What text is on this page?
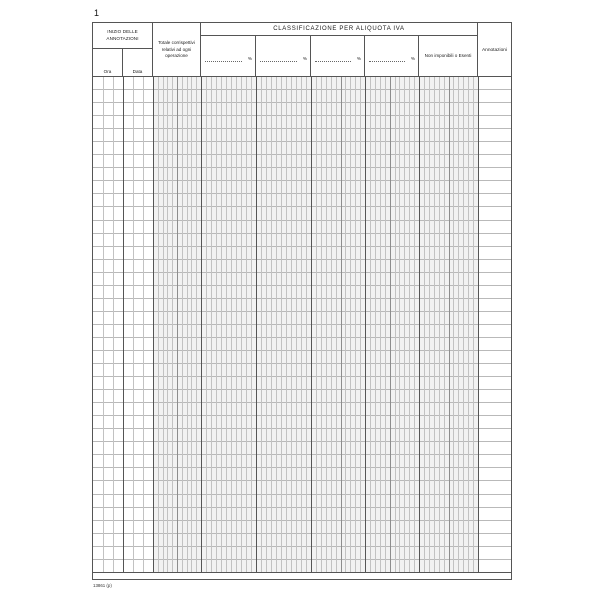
1
INIZIO DELLE ANNOTAZIONI
Ora	Data
Totale corrispettivi relativi ad ogni operazione
CLASSIFICAZIONE PER ALIQUOTA IVA
%	%	%	%
Non imponibili o Esenti
Annotazioni
13861 (p)
